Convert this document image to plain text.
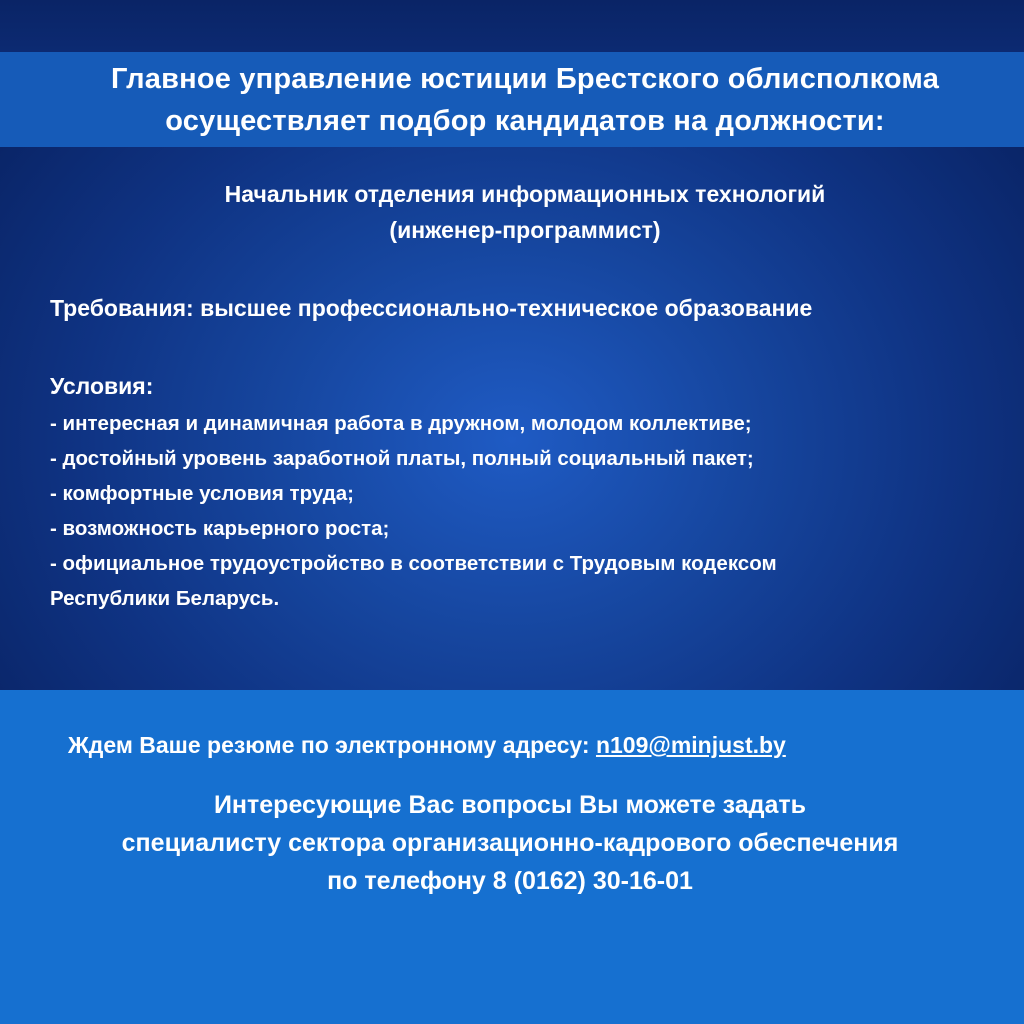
Главное управление юстиции Брестского облисполкома
осуществляет подбор кандидатов на должности:
Начальник отделения информационных технологий
(инженер-программист)
Требования: высшее профессионально-техническое образование
Условия:
- интересная и динамичная работа в дружном, молодом коллективе;
- достойный уровень заработной платы, полный социальный пакет;
- комфортные условия труда;
- возможность карьерного роста;
- официальное трудоустройство в соответствии с Трудовым кодексом
Республики Беларусь.
Ждем Ваше резюме по электронному адресу: n109@minjust.by
Интересующие Вас вопросы Вы можете задать
специалисту сектора организационно-кадрового обеспечения
по телефону 8 (0162) 30-16-01
